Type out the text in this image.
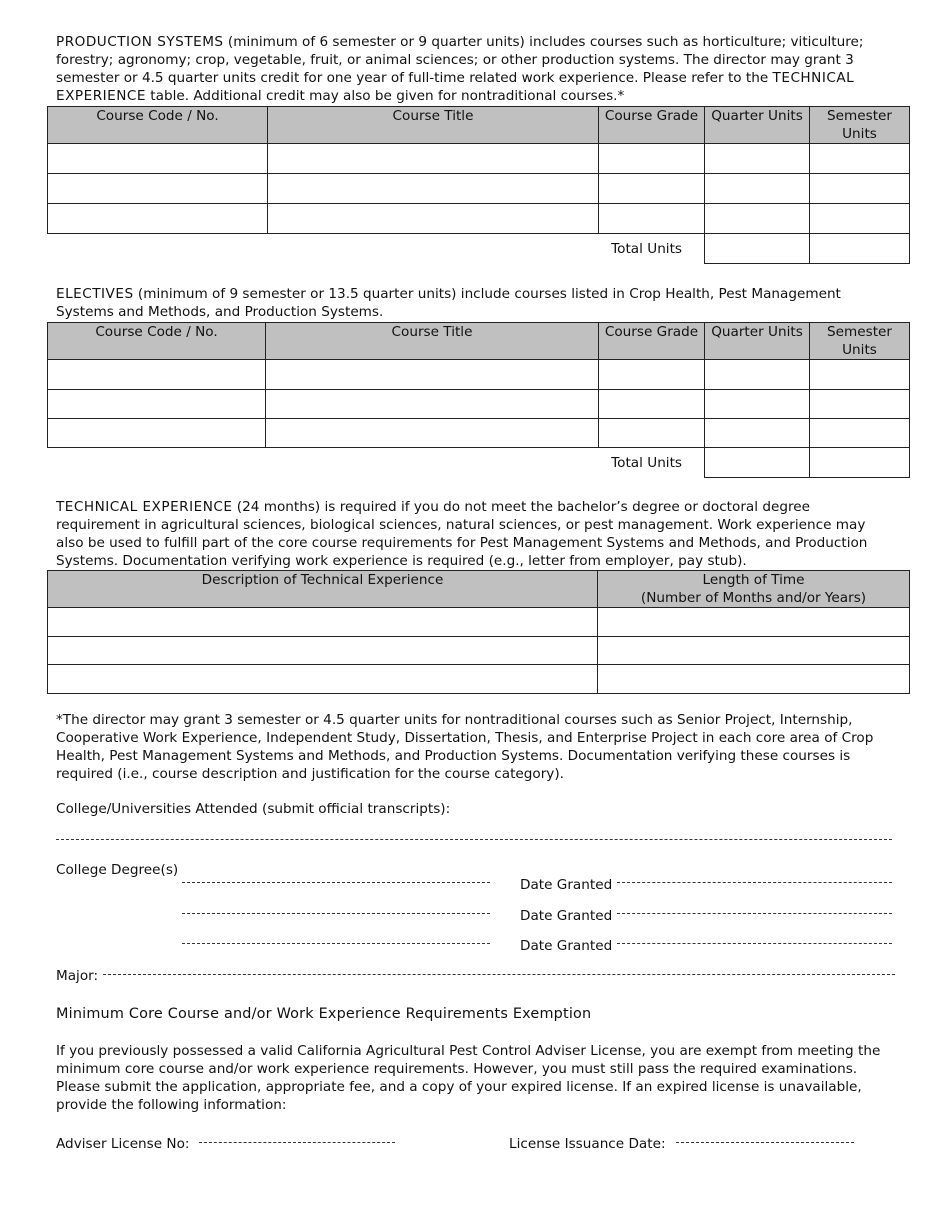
PRODUCTION SYSTEMS (minimum of 6 semester or 9 quarter units) includes courses such as horticulture; viticulture; forestry; agronomy; crop, vegetable, fruit, or animal sciences; or other production systems. The director may grant 3 semester or 4.5 quarter units credit for one year of full-time related work experience. Please refer to the TECHNICAL EXPERIENCE table. Additional credit may also be given for nontraditional courses.*

Course Code / No.	Course Title	Course Grade	Quarter Units	Semester Units

		Total Units		

ELECTIVES (minimum of 9 semester or 13.5 quarter units) include courses listed in Crop Health, Pest Management Systems and Methods, and Production Systems.

Course Code / No.	Course Title	Course Grade	Quarter Units	Semester Units

		Total Units		

TECHNICAL EXPERIENCE (24 months) is required if you do not meet the bachelor’s degree or doctoral degree requirement in agricultural sciences, biological sciences, natural sciences, or pest management. Work experience may also be used to fulfill part of the core course requirements for Pest Management Systems and Methods, and Production Systems. Documentation verifying work experience is required (e.g., letter from employer, pay stub).

Description of Technical Experience	Length of Time
(Number of Months and/or Years)

*The director may grant 3 semester or 4.5 quarter units for nontraditional courses such as Senior Project, Internship, Cooperative Work Experience, Independent Study, Dissertation, Thesis, and Enterprise Project in each core area of Crop Health, Pest Management Systems and Methods, and Production Systems. Documentation verifying these courses is required (i.e., course description and justification for the course category).

College/Universities Attended (submit official transcripts):
College Degree(s)
Date Granted
Date Granted
Date Granted
Major:
Minimum Core Course and/or Work Experience Requirements Exemption

If you previously possessed a valid California Agricultural Pest Control Adviser License, you are exempt from meeting the minimum core course and/or work experience requirements. However, you must still pass the required examinations. Please submit the application, appropriate fee, and a copy of your expired license. If an expired license is unavailable, provide the following information:

Adviser License No:	License Issuance Date:
